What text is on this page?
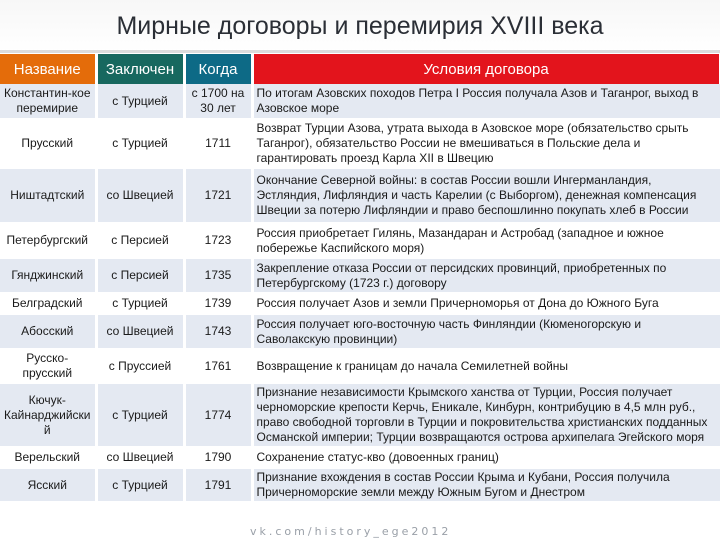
Мирные договоры и перемирия XVIII века
Название	Заключен	Когда	Условия договора
Константин-кое перемирие	с Турцией	с 1700 на 30 лет	По итогам Азовских походов Петра I Россия получала Азов и Таганрог, выход в Азовское море
Прусский	с Турцией	1711	Возврат Турции Азова, утрата выхода в Азовское море (обязательство срыть Таганрог), обязательство России не вмешиваться в Польские дела и гарантировать проезд Карла XII в Швецию
Ништадтский	со Швецией	1721	Окончание Северной войны: в состав России вошли Ингерманландия, Эстляндия, Лифляндия и часть Карелии (с Выборгом), денежная компенсация Швеции за потерю Лифляндии и право беспошлинно покупать хлеб в России
Петербургский	с Персией	1723	Россия приобретает Гилянь, Мазандаран и Астробад (западное и южное побережье Каспийского моря)
Гянджинский	с Персией	1735	Закрепление отказа России от персидских провинций, приобретенных по Петербургскому (1723 г.) договору
Белградский	с Турцией	1739	Россия получает Азов и земли Причерноморья от Дона до Южного Буга
Абосский	со Швецией	1743	Россия получает юго-восточную часть Финляндии (Кюменогорскую и Саволакскую провинции)
Русско-прусский	с Пруссией	1761	Возвращение к границам до начала Семилетней войны
Кючук-Кайнарджийски й	с Турцией	1774	Признание независимости Крымского ханства от Турции, Россия получает черноморские крепости Керчь, Еникале, Кинбурн, контрибуцию в 4,5 млн руб., право свободной торговли в Турции и покровительства христианских подданных Османской империи; Турции возвращаются острова архипелага Эгейского моря
Верельский	со Швецией	1790	Сохранение статус-кво (довоенных границ)
Ясский	с Турцией	1791	Признание вхождения в состав России Крыма и Кубани, Россия получила Причерноморские земли между Южным Бугом и Днестром
vk.com/history_ege2012
